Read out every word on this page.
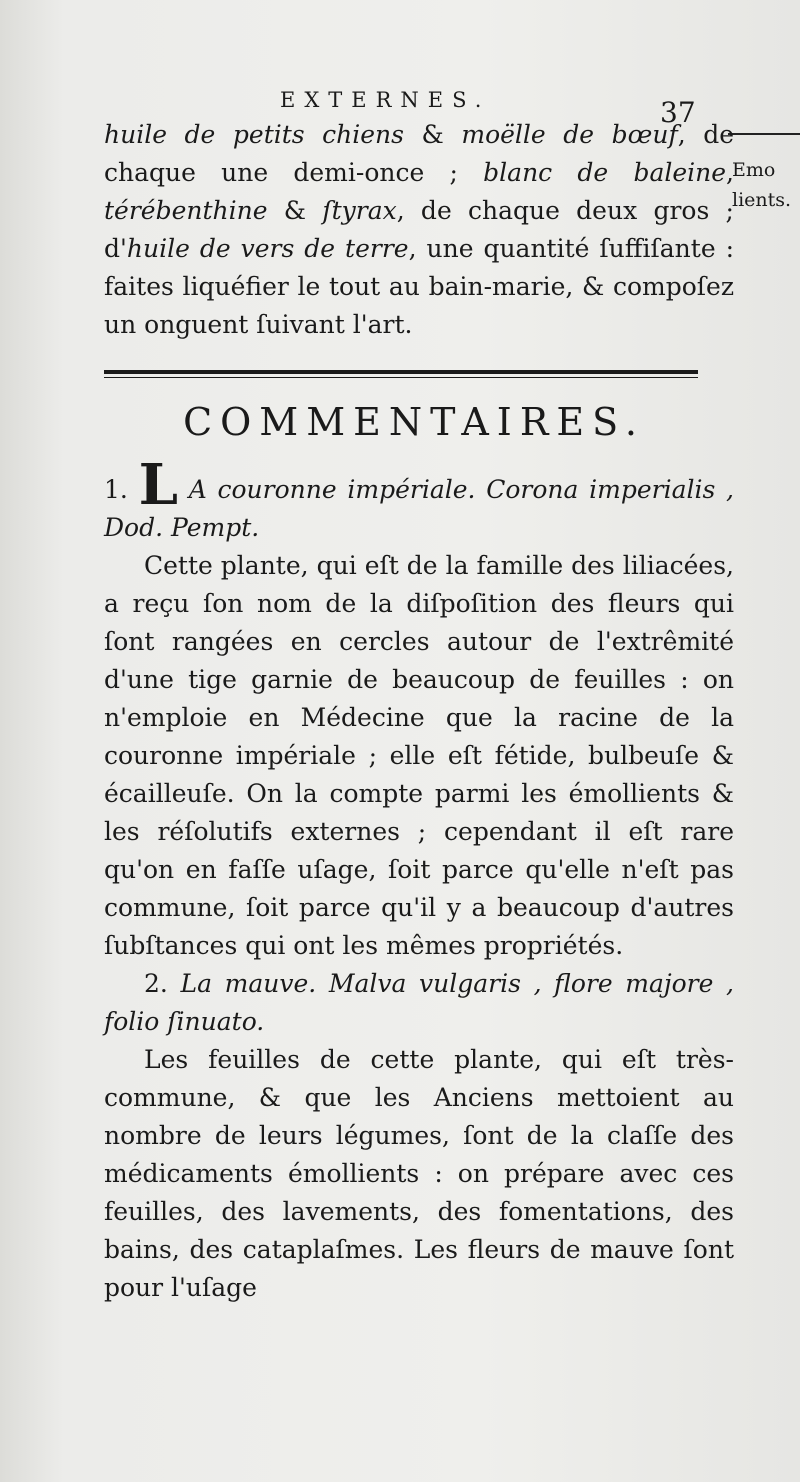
EXTERNES.	37
Emo
lients.

huile de petits chiens & moëlle de bœuf, de chaque une demi-once ; blanc de baleine, térébenthine & ſtyrax, de chaque deux gros ; d'huile de vers de terre, une quantité ſuffiſante : faites liquéfier le tout au bain-marie, & compoſez un onguent ſuivant l'art.

COMMENTAIRES.

1. L A couronne impériale. Corona imperialis , Dod. Pempt.

Cette plante, qui eſt de la famille des liliacées, a reçu ſon nom de la diſpoſition des fleurs qui ſont rangées en cercles autour de l'extrêmité d'une tige garnie de beaucoup de feuilles : on n'emploie en Médecine que la racine de la couronne impériale ; elle eſt fétide, bulbeuſe & écailleuſe. On la compte parmi les émollients & les réſolutifs externes ; cependant il eſt rare qu'on en faſſe uſage, ſoit parce qu'elle n'eſt pas commune, ſoit parce qu'il y a beaucoup d'autres ſubſtances qui ont les mêmes propriétés.

2. La mauve. Malva vulgaris , flore majore , folio ſinuato.

Les feuilles de cette plante, qui eſt très-commune, & que les Anciens mettoient au nombre de leurs légumes, ſont de la claſſe des médicaments émollients : on prépare avec ces feuilles, des lavements, des fomentations, des bains, des cataplaſmes. Les fleurs de mauve ſont pour l'uſage
